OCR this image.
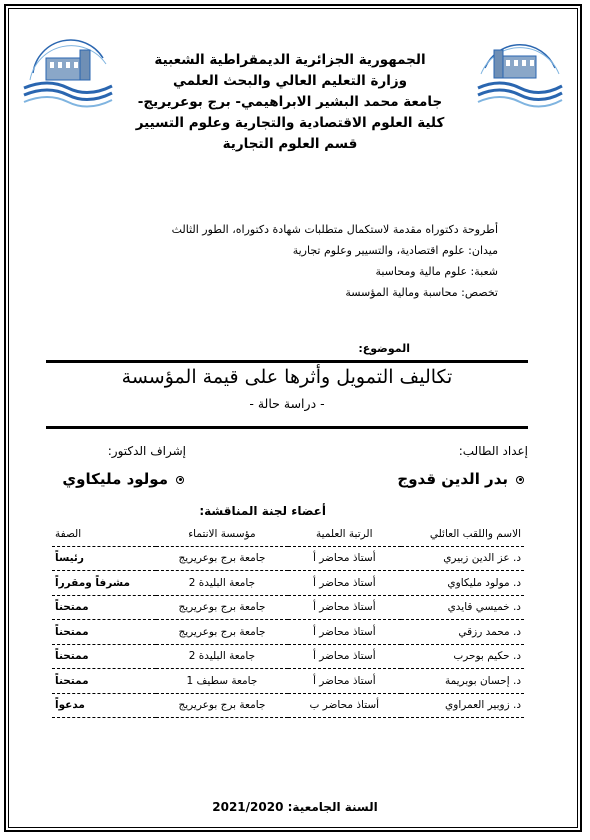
الجمهورية الجزائرية الديمقراطية الشعبية
وزارة التعليم العالي والبحث العلمي
جامعة محمد البشير الابراهيمي- برج بوعريريج-
كلية العلوم الاقتصادية والتجارية وعلوم التسيير
قسم العلوم التجارية
أطروحة دكتوراه مقدمة لاستكمال متطلبات شهادة دكتوراه، الطور الثالث
ميدان: علوم اقتصادية، والتسيير وعلوم تجارية
شعبة: علوم مالية ومحاسبة
تخصص: محاسبة ومالية المؤسسة
الموضوع:
تكاليف التمويل وأثرها على قيمة المؤسسة
- دراسة حالة -
إعداد الطالب:
إشراف الدكتور:
بدر الدين قدوج
مولود مليكاوي
أعضاء لجنة المناقشة:
الاسم واللقب العائلي	الرتبة العلمية	مؤسسة الانتماء	الصفة
د. عز الدين زبيري	أستاذ محاضر أ	جامعة برج بوعريريج	رئيساً
د. مولود مليكاوي	أستاذ محاضر أ	جامعة البليدة 2	مشرفاً ومقرراً
د. خميسي قايدي	أستاذ محاضر أ	جامعة برج بوعريريج	ممتحناً
د. محمد رزقي	أستاذ محاضر أ	جامعة برج بوعريريج	ممتحناً
د. حكيم بوحرب	أستاذ محاضر أ	جامعة البليدة 2	ممتحناً
د. إحسان بوبريمة	أستاذ محاضر أ	جامعة سطيف 1	ممتحناً
د. زوبير العمراوي	أستاذ محاضر ب	جامعة برج بوعريريج	مدعواً
السنة الجامعية: 2021/2020
